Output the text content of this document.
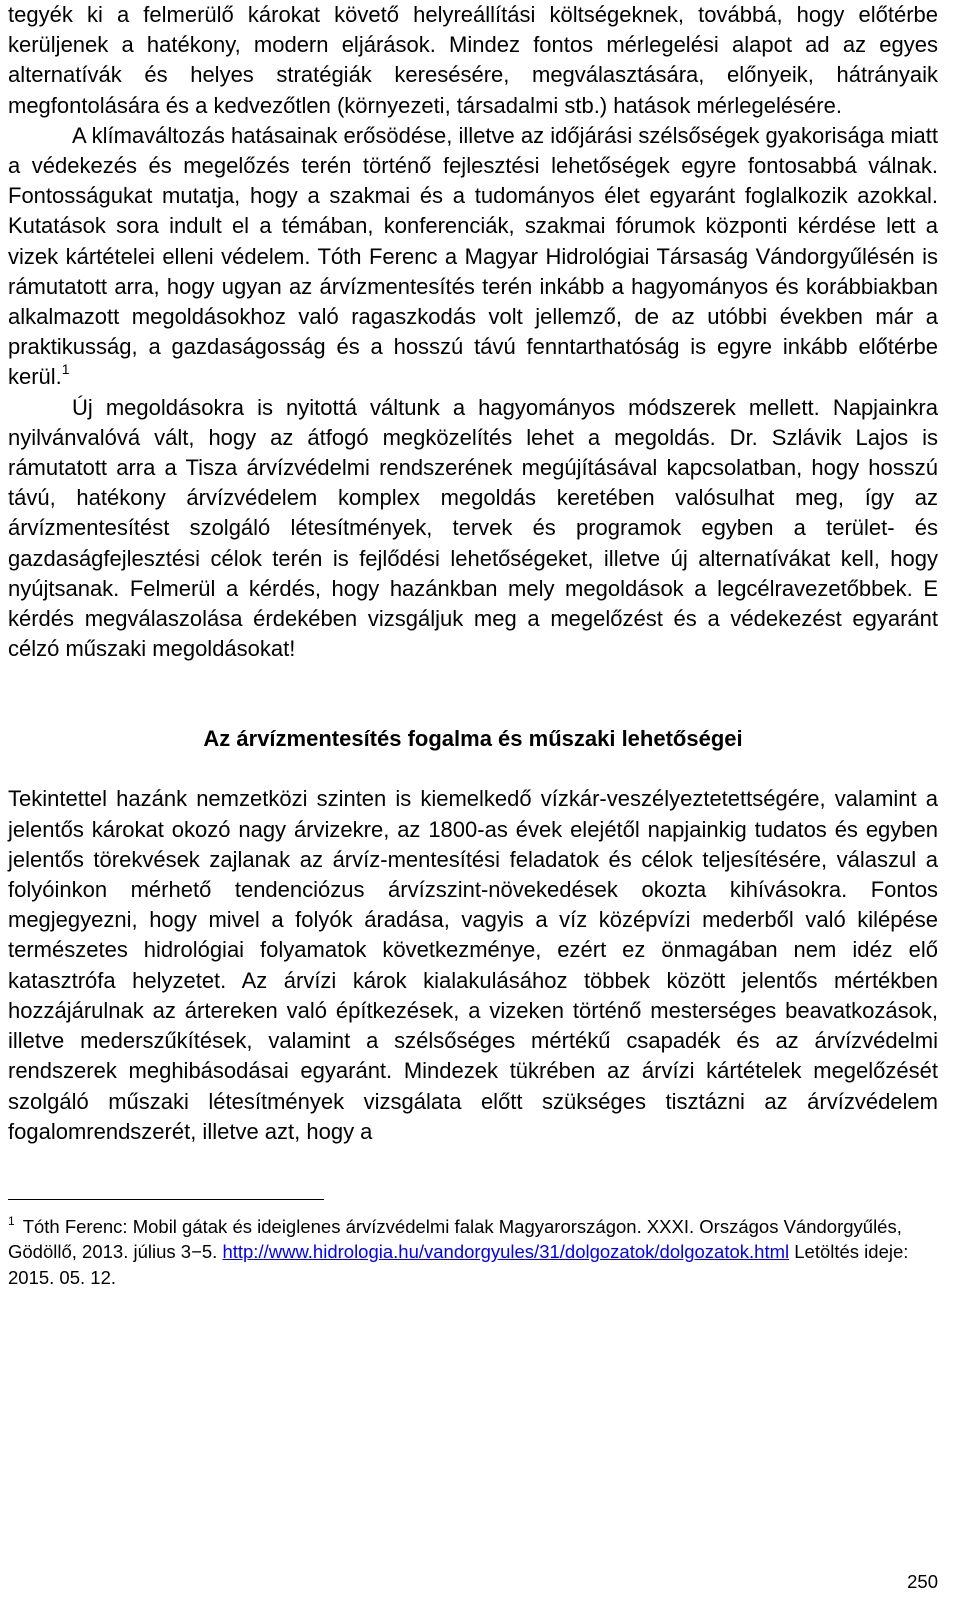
tegyék ki a felmerülő károkat követő helyreállítási költségeknek, továbbá, hogy előtérbe kerüljenek a hatékony, modern eljárások. Mindez fontos mérlegelési alapot ad az egyes alternatívák és helyes stratégiák keresésére, megválasztására, előnyeik, hátrányaik megfontolására és a kedvezőtlen (környezeti, társadalmi stb.) hatások mérlegelésére.

A klímaváltozás hatásainak erősödése, illetve az időjárási szélsőségek gyakorisága miatt a védekezés és megelőzés terén történő fejlesztési lehetőségek egyre fontosabbá válnak. Fontosságukat mutatja, hogy a szakmai és a tudományos élet egyaránt foglalkozik azokkal. Kutatások sora indult el a témában, konferenciák, szakmai fórumok központi kérdése lett a vizek kártételei elleni védelem. Tóth Ferenc a Magyar Hidrológiai Társaság Vándorgyűlésén is rámutatott arra, hogy ugyan az árvízmentesítés terén inkább a hagyományos és korábbiakban alkalmazott megoldásokhoz való ragaszkodás volt jellemző, de az utóbbi években már a praktikusság, a gazdaságosság és a hosszú távú fenntarthatóság is egyre inkább előtérbe kerül.$^1$

Új megoldásokra is nyitottá váltunk a hagyományos módszerek mellett. Napjainkra nyilvánvalóvá vált, hogy az átfogó megközelítés lehet a megoldás. Dr. Szlávik Lajos is rámutatott arra a Tisza árvízvédelmi rendszerének megújításával kapcsolatban, hogy hosszú távú, hatékony árvízvédelem komplex megoldás keretében valósulhat meg, így az árvízmentesítést szolgáló létesítmények, tervek és programok egyben a terület- és gazdaságfejlesztési célok terén is fejlődési lehetőségeket, illetve új alternatívákat kell, hogy nyújtsanak. Felmerül a kérdés, hogy hazánkban mely megoldások a legcélravezetőbbek. E kérdés megválaszolása érdekében vizsgáljuk meg a megelőzést és a védekezést egyaránt célzó műszaki megoldásokat!

Az árvízmentesítés fogalma és műszaki lehetőségei

Tekintettel hazánk nemzetközi szinten is kiemelkedő vízkár-veszélyeztetettségére, valamint a jelentős károkat okozó nagy árvizekre, az 1800-as évek elejétől napjainkig tudatos és egyben jelentős törekvések zajlanak az árvíz-mentesítési feladatok és célok teljesítésére, válaszul a folyóinkon mérhető tendenciózus árvízszint-növekedések okozta kihívásokra. Fontos megjegyezni, hogy mivel a folyók áradása, vagyis a víz középvízi mederből való kilépése természetes hidrológiai folyamatok következménye, ezért ez önmagában nem idéz elő katasztrófa helyzetet. Az árvízi károk kialakulásához többek között jelentős mértékben hozzájárulnak az ártereken való építkezések, a vizeken történő mesterséges beavatkozások, illetve mederszűkítések, valamint a szélsőséges mértékű csapadék és az árvízvédelmi rendszerek meghibásodásai egyaránt. Mindezek tükrében az árvízi kártételek megelőzését szolgáló műszaki létesítmények vizsgálata előtt szükséges tisztázni az árvízvédelem fogalomrendszerét, illetve azt, hogy a

$^1$ Tóth Ferenc: Mobil gátak és ideiglenes árvízvédelmi falak Magyarországon. XXXI. Országos Vándorgyűlés, Gödöllő, 2013. július 3−5. http://www.hidrologia.hu/vandorgyules/31/dolgozatok/dolgozatok.html Letöltés ideje: 2015. 05. 12.

250
